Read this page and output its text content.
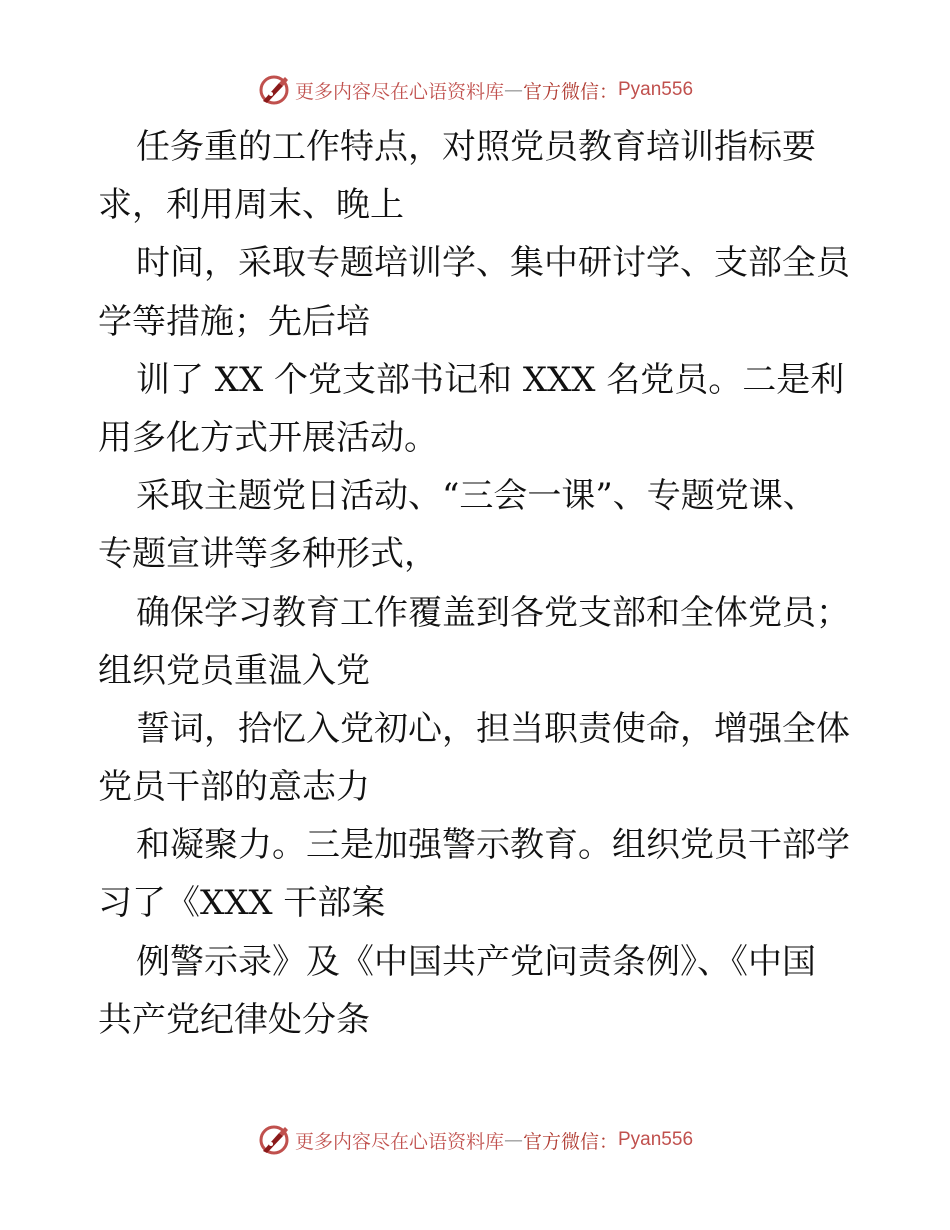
更多内容尽在心语资料库 — 官方微信： Pyan556
任务重的工作特点，对照党员教育培训指标要
求，利用周末、晚上
时间，采取专题培训学、集中研讨学、支部全员
学等措施；先后培
训了 XX 个党支部书记和 XXX 名党员。二是利
用多化方式开展活动。
采取主题党日活动、“三会一课”、专题党课、
专题宣讲等多种形式，
确保学习教育工作覆盖到各党支部和全体党员；
组织党员重温入党
誓词，拾忆入党初心，担当职责使命，增强全体
党员干部的意志力
和凝聚力。三是加强警示教育。组织党员干部学
习了《XXX 干部案
例警示录》及《中国共产党问责条例》、《中国
共产党纪律处分条
更多内容尽在心语资料库 — 官方微信： Pyan556
